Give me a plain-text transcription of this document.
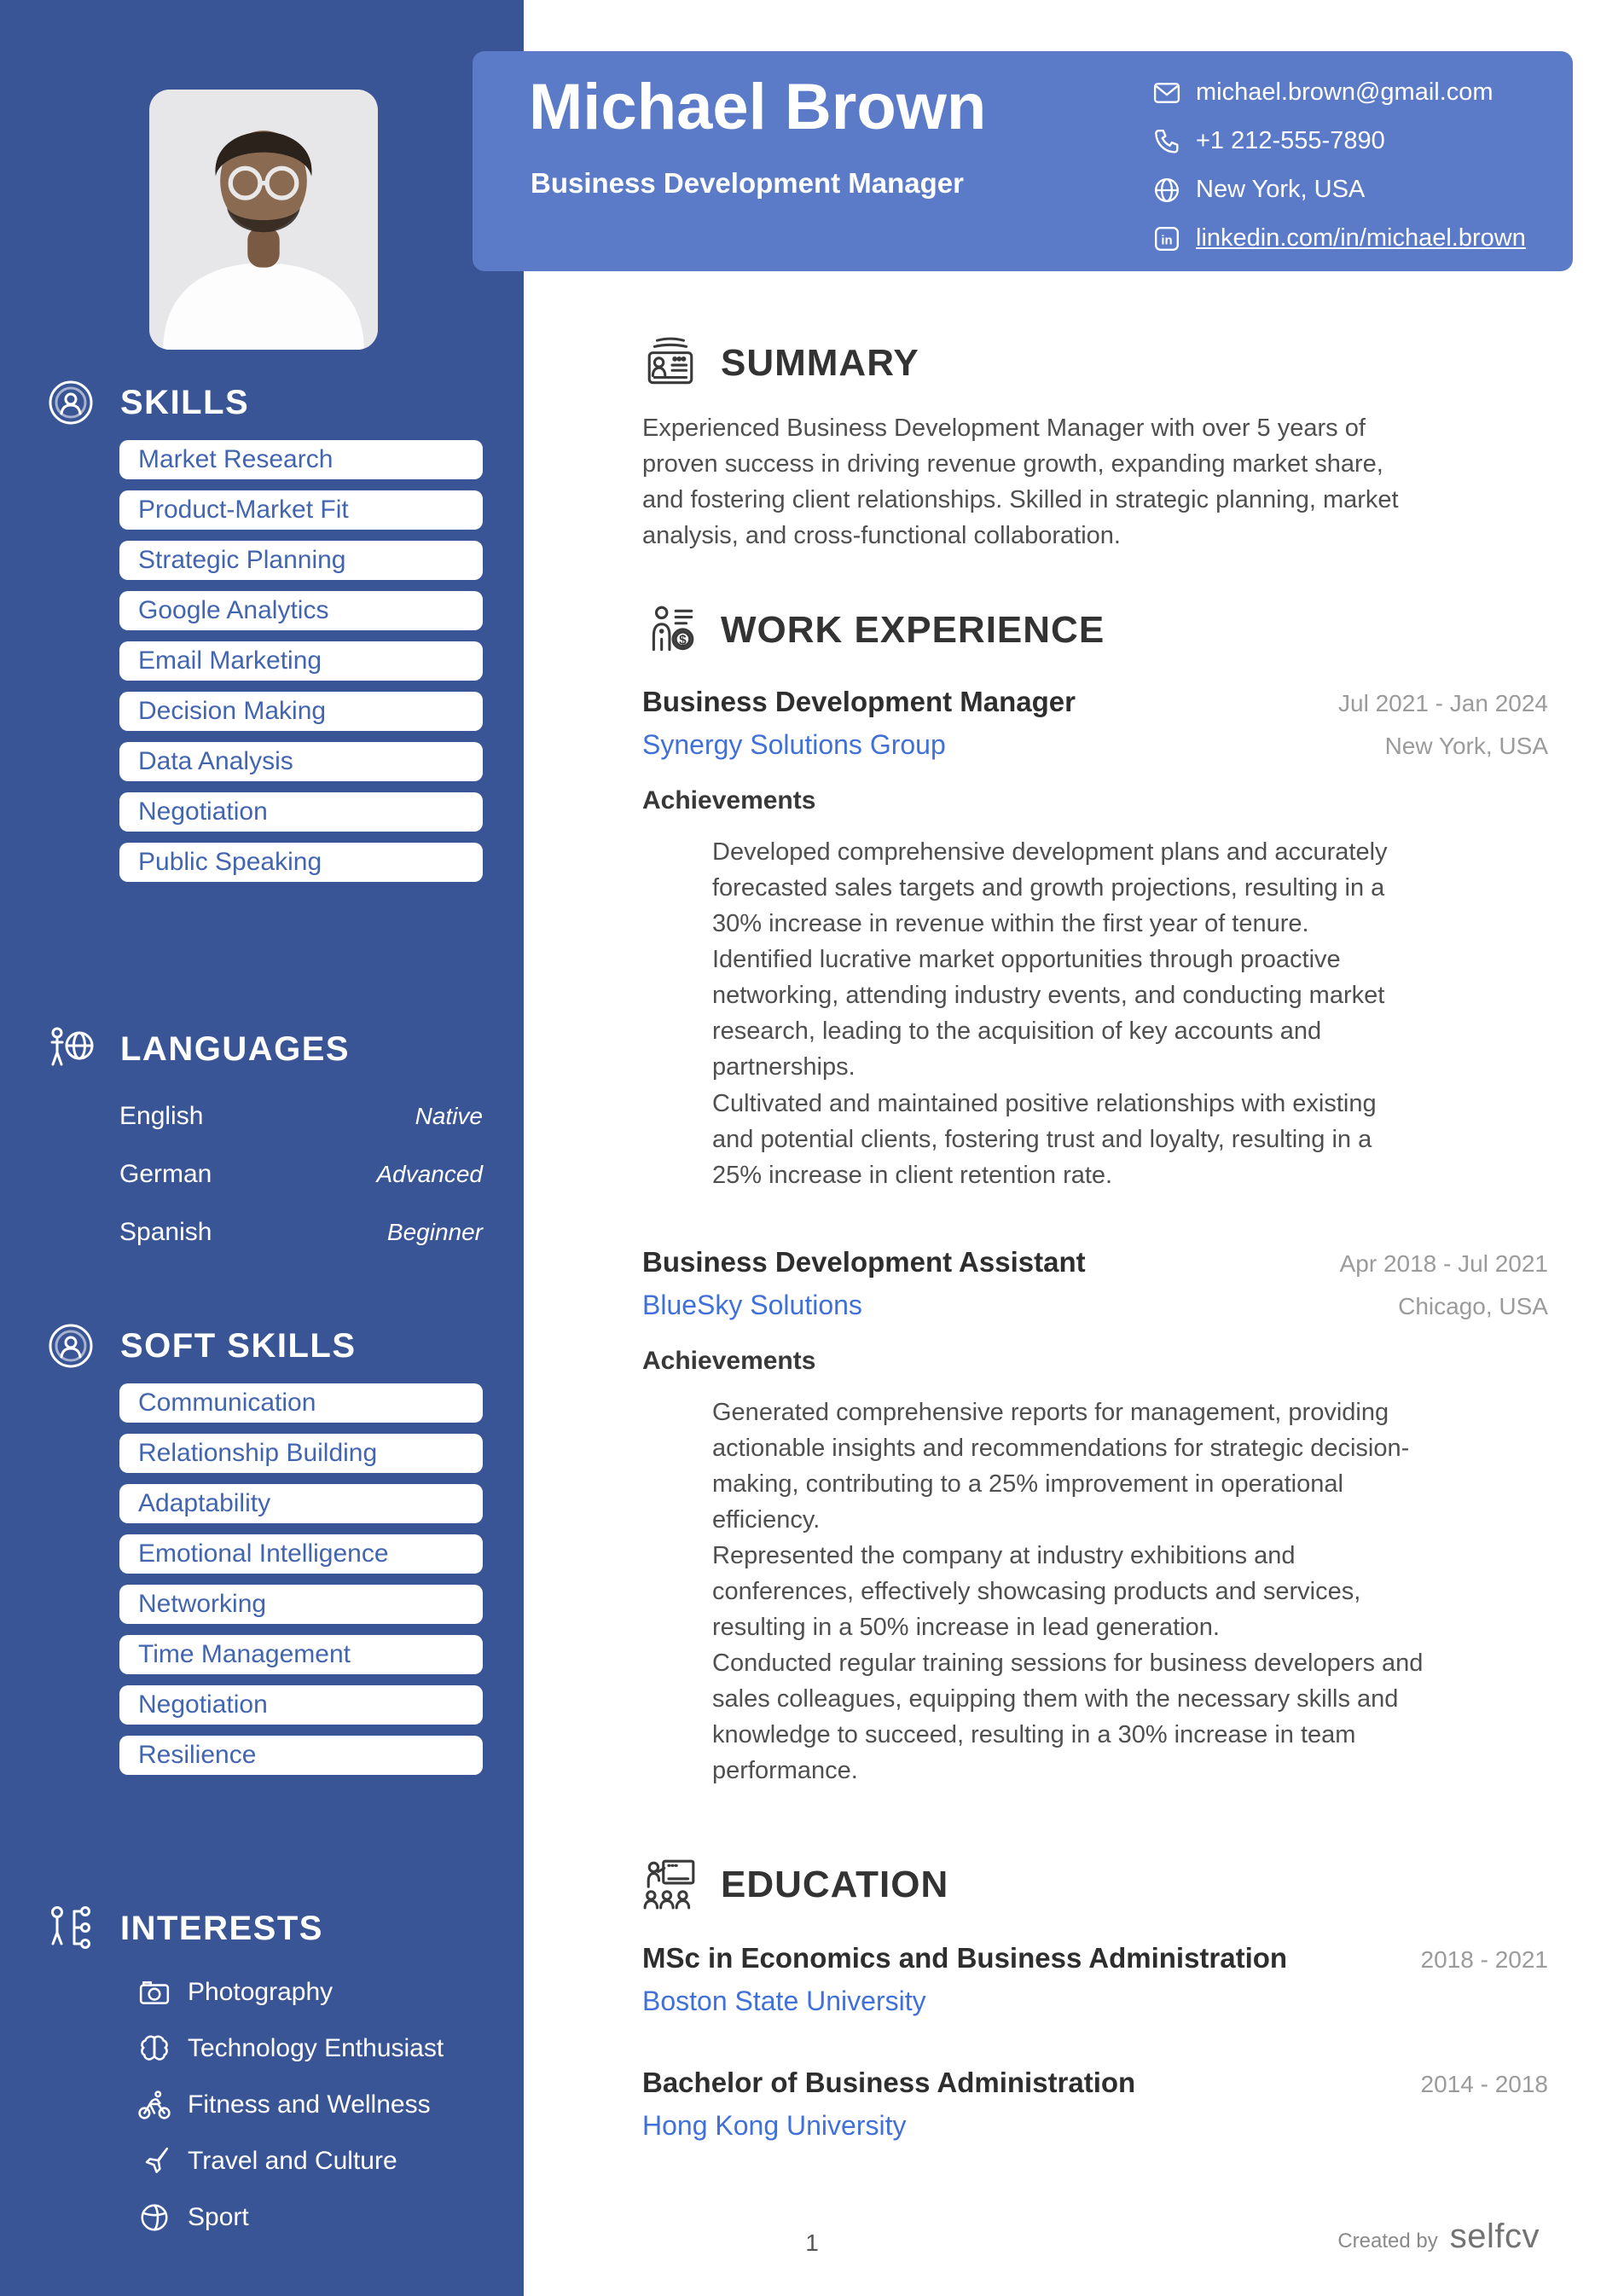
SKILLS
Market Research
Product-Market Fit
Strategic Planning
Google Analytics
Email Marketing
Decision Making
Data Analysis
Negotiation
Public Speaking
LANGUAGES
English	Native
German	Advanced
Spanish	Beginner
SOFT SKILLS
Communication
Relationship Building
Adaptability
Emotional Intelligence
Networking
Time Management
Negotiation
Resilience
INTERESTS
Photography
Technology Enthusiast
Fitness and Wellness
Travel and Culture
Sport
Michael Brown
Business Development Manager
michael.brown@gmail.com
+1 212-555-7890
New York, USA
in linkedin.com/in/michael.brown
SUMMARY

Experienced Business Development Manager with over 5 years of proven success in driving revenue growth, expanding market share, and fostering client relationships. Skilled in strategic planning, market analysis, and cross-functional collaboration.

$ WORK EXPERIENCE
Business Development Manager	Jul 2021 - Jan 2024
Synergy Solutions Group	New York, USA
Achievements

Developed comprehensive development plans and accurately forecasted sales targets and growth projections, resulting in a 30% increase in revenue within the first year of tenure.

Identified lucrative market opportunities through proactive networking, attending industry events, and conducting market research, leading to the acquisition of key accounts and partnerships.

Cultivated and maintained positive relationships with existing and potential clients, fostering trust and loyalty, resulting in a 25% increase in client retention rate.

Business Development Assistant	Apr 2018 - Jul 2021
BlueSky Solutions	Chicago, USA
Achievements

Generated comprehensive reports for management, providing actionable insights and recommendations for strategic decision-making, contributing to a 25% improvement in operational efficiency.

Represented the company at industry exhibitions and conferences, effectively showcasing products and services, resulting in a 50% increase in lead generation.

Conducted regular training sessions for business developers and sales colleagues, equipping them with the necessary skills and knowledge to succeed, resulting in a 30% increase in team performance.

EDUCATION
MSc in Economics and Business Administration	2018 - 2021
Boston State University
Bachelor of Business Administration	2014 - 2018
Hong Kong University
1	Created by selfcv
